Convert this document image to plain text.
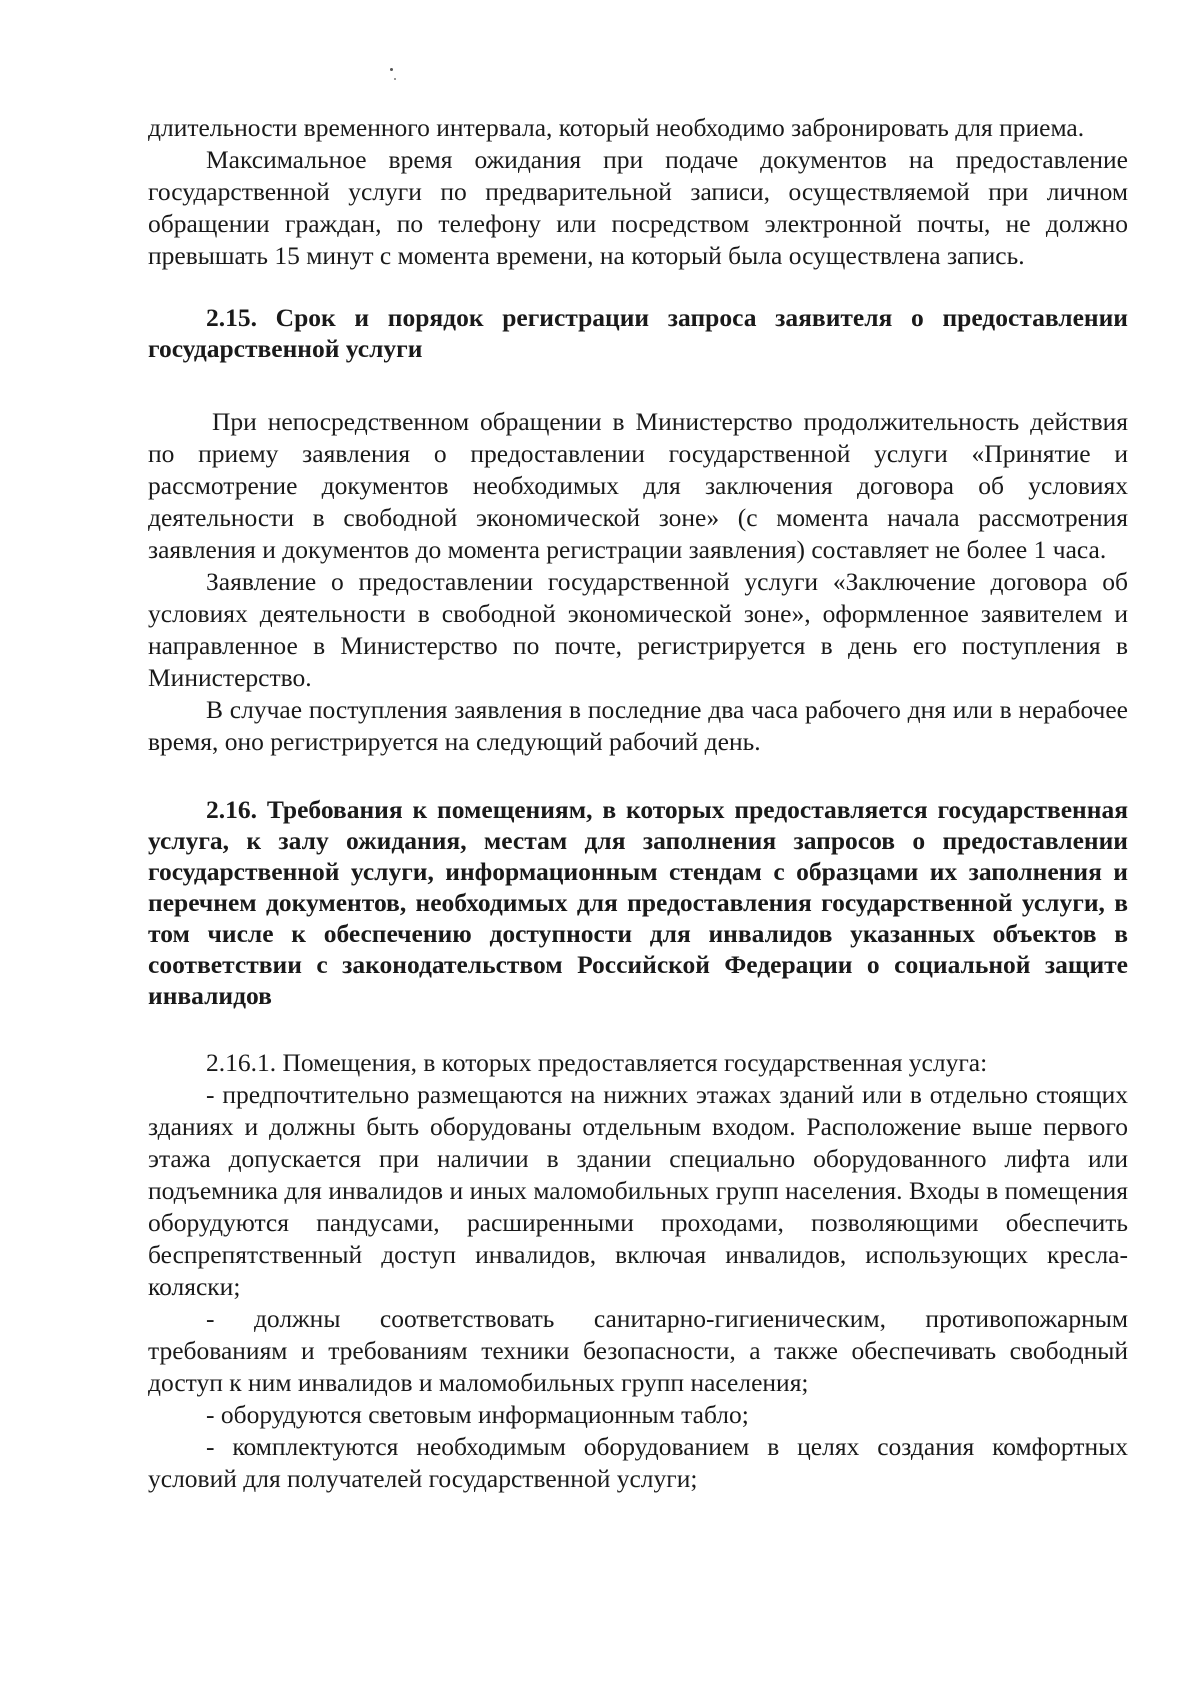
длительности временного интервала, который необходимо забронировать для приема.

Максимальное время ожидания при подаче документов на предоставление государственной услуги по предварительной записи, осуществляемой при личном обращении граждан, по телефону или посредством электронной почты, не должно превышать 15 минут с момента времени, на который была осуществлена запись.

2.15. Срок и порядок регистрации запроса заявителя о предоставлении государственной услуги

При непосредственном обращении в Министерство продолжительность действия по приему заявления о предоставлении государственной услуги «Принятие и рассмотрение документов необходимых для заключения договора об условиях деятельности в свободной экономической зоне» (с момента начала рассмотрения заявления и документов до момента регистрации заявления) составляет не более 1 часа.

Заявление о предоставлении государственной услуги «Заключение договора об условиях деятельности в свободной экономической зоне», оформленное заявителем и направленное в Министерство по почте, регистрируется в день его поступления в Министерство.

В случае поступления заявления в последние два часа рабочего дня или в нерабочее время, оно регистрируется на следующий рабочий день.

2.16. Требования к помещениям, в которых предоставляется государственная услуга, к залу ожидания, местам для заполнения запросов о предоставлении государственной услуги, информационным стендам с образцами их заполнения и перечнем документов, необходимых для предоставления государственной услуги, в том числе к обеспечению доступности для инвалидов указанных объектов в соответствии с законодательством Российской Федерации о социальной защите инвалидов

2.16.1. Помещения, в которых предоставляется государственная услуга:

- предпочтительно размещаются на нижних этажах зданий или в отдельно стоящих зданиях и должны быть оборудованы отдельным входом. Расположение выше первого этажа допускается при наличии в здании специально оборудованного лифта или подъемника для инвалидов и иных маломобильных групп населения. Входы в помещения оборудуются пандусами, расширенными проходами, позволяющими обеспечить беспрепятственный доступ инвалидов, включая инвалидов, использующих кресла-коляски;

- должны соответствовать санитарно-гигиеническим, противопожарным требованиям и требованиям техники безопасности, а также обеспечивать свободный доступ к ним инвалидов и маломобильных групп населения;

- оборудуются световым информационным табло;

- комплектуются необходимым оборудованием в целях создания комфортных условий для получателей государственной услуги;
